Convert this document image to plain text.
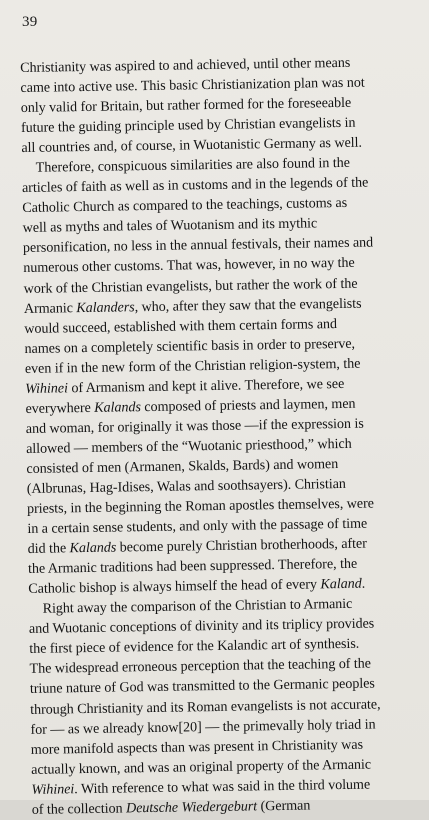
39
Christianity was aspired to and achieved, until other means
came into active use. This basic Christianization plan was not
only valid for Britain, but rather formed for the foreseeable
future the guiding principle used by Christian evangelists in
all countries and, of course, in Wuotanistic Germany as well.
Therefore, conspicuous similarities are also found in the
articles of faith as well as in customs and in the legends of the
Catholic Church as compared to the teachings, customs as
well as myths and tales of Wuotanism and its mythic
personification, no less in the annual festivals, their names and
numerous other customs. That was, however, in no way the
work of the Christian evangelists, but rather the work of the
Armanic Kalanders, who, after they saw that the evangelists
would succeed, established with them certain forms and
names on a completely scientific basis in order to preserve,
even if in the new form of the Christian religion-system, the
Wihinei of Armanism and kept it alive. Therefore, we see
everywhere Kalands composed of priests and laymen, men
and woman, for originally it was those —if the expression is
allowed — members of the “Wuotanic priesthood,” which
consisted of men (Armanen, Skalds, Bards) and women
(Albrunas, Hag-Idises, Walas and soothsayers). Christian
priests, in the beginning the Roman apostles themselves, were
in a certain sense students, and only with the passage of time
did the Kalands become purely Christian brotherhoods, after
the Armanic traditions had been suppressed. Therefore, the
Catholic bishop is always himself the head of every Kaland.
Right away the comparison of the Christian to Armanic
and Wuotanic conceptions of divinity and its triplicy provides
the first piece of evidence for the Kalandic art of synthesis.
The widespread erroneous perception that the teaching of the
triune nature of God was transmitted to the Germanic peoples
through Christianity and its Roman evangelists is not accurate,
for — as we already know[20] — the primevally holy triad in
more manifold aspects than was present in Christianity was
actually known, and was an original property of the Armanic
Wihinei. With reference to what was said in the third volume
of the collection Deutsche Wiedergeburt (German
